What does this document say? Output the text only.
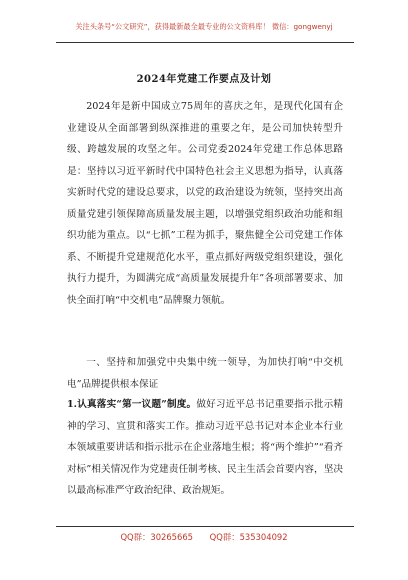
关注头条号“公文研究”，获得最新最全最专业的公文资料库！ 微信：gongwenyj
2024年党建工作要点及计划

2024年是新中国成立75周年的喜庆之年，是现代化国有企业建设从全面部署到纵深推进的重要之年，是公司加快转型升级、跨越发展的攻坚之年。公司党委2024年党建工作总体思路是：坚持以习近平新时代中国特色社会主义思想为指导，认真落实新时代党的建设总要求，以党的政治建设为统领，坚持突出高质量党建引领保障高质量发展主题，以增强党组织政治功能和组织功能为重点。以“七抓”工程为抓手，聚焦健全公司党建工作体系、不断提升党建规范化水平，重点抓好两级党组织建设，强化执行力提升，为圆满完成“高质量发展提升年”各项部署要求、加快全面打响“中交机电”品牌聚力领航。

一、坚持和加强党中央集中统一领导，为加快打响“中交机电”品牌提供根本保证

1.认真落实“第一议题”制度。做好习近平总书记重要指示批示精神的学习、宣贯和落实工作。推动习近平总书记对本企业本行业本领域重要讲话和指示批示在企业落地生根；将“两个维护”“看齐对标”相关情况作为党建责任制考核、民主生活会首要内容，坚决以最高标准严守政治纪律、政治规矩。

QQ群：30265665 QQ群：535304092
